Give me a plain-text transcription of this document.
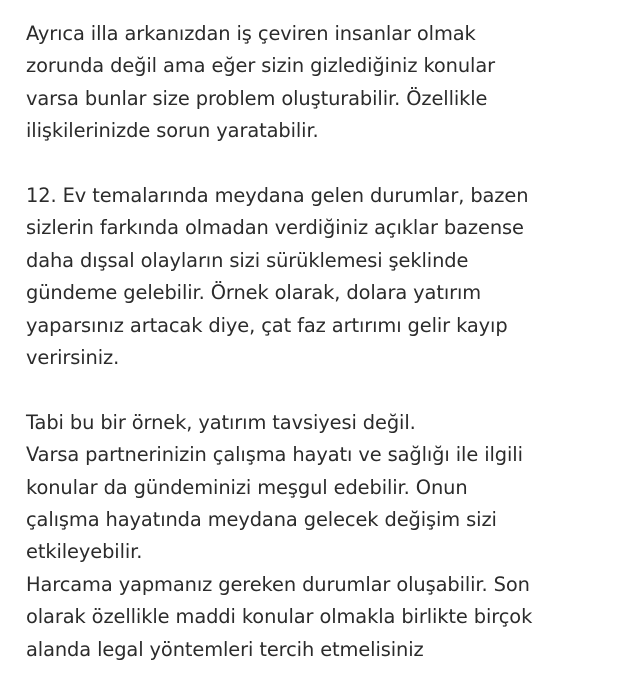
Ayrıca illa arkanızdan iş çeviren insanlar olmak
zorunda değil ama eğer sizin gizlediğiniz konular
varsa bunlar size problem oluşturabilir. Özellikle
ilişkilerinizde sorun yaratabilir.

12. Ev temalarında meydana gelen durumlar, bazen
sizlerin farkında olmadan verdiğiniz açıklar bazense
daha dışsal olayların sizi sürüklemesi şeklinde
gündeme gelebilir. Örnek olarak, dolara yatırım
yaparsınız artacak diye, çat faz artırımı gelir kayıp
verirsiniz.

Tabi bu bir örnek, yatırım tavsiyesi değil.
Varsa partnerinizin çalışma hayatı ve sağlığı ile ilgili
konular da gündeminizi meşgul edebilir. Onun
çalışma hayatında meydana gelecek değişim sizi
etkileyebilir.
Harcama yapmanız gereken durumlar oluşabilir. Son
olarak özellikle maddi konular olmakla birlikte birçok
alanda legal yöntemleri tercih etmelisiniz
